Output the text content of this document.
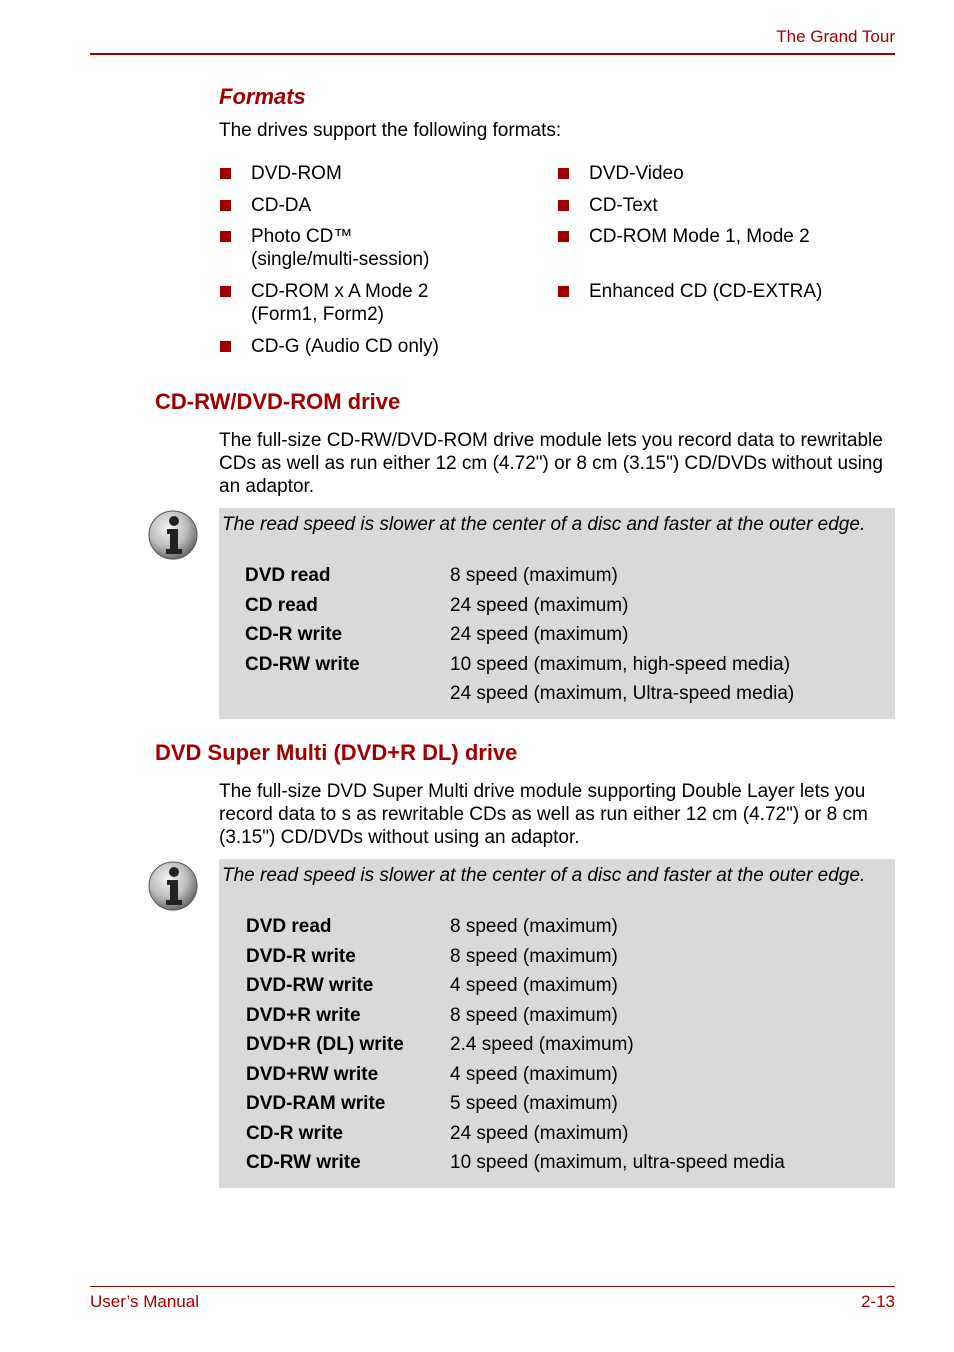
The Grand Tour
Formats
The drives support the following formats:
DVD-ROM
CD-DA
Photo CD™
(single/multi-session)
CD-ROM x A Mode 2
(Form1, Form2)
CD-G (Audio CD only)
DVD-Video
CD-Text
CD-ROM Mode 1, Mode 2
Enhanced CD (CD-EXTRA)
CD-RW/DVD-ROM drive
The full-size CD-RW/DVD-ROM drive module lets you record data to rewritable CDs as well as run either 12 cm (4.72") or 8 cm (3.15") CD/DVDs without using an adaptor.
The read speed is slower at the center of a disc and faster at the outer edge.
DVD read	8 speed (maximum)
CD read	24 speed (maximum)
CD-R write	24 speed (maximum)
CD-RW write	10 speed (maximum, high-speed media)
24 speed (maximum, Ultra-speed media)
DVD Super Multi (DVD+R DL) drive
The full-size DVD Super Multi drive module supporting Double Layer lets you record data to s as rewritable CDs as well as run either 12 cm (4.72") or 8 cm (3.15") CD/DVDs without using an adaptor.
The read speed is slower at the center of a disc and faster at the outer edge.
DVD read	8 speed (maximum)
DVD-R write	8 speed (maximum)
DVD-RW write	4 speed (maximum)
DVD+R write	8 speed (maximum)
DVD+R (DL) write 2.4 speed (maximum)
DVD+RW write	4 speed (maximum)
DVD-RAM write	5 speed (maximum)
CD-R write	24 speed (maximum)
CD-RW write	10 speed (maximum, ultra-speed media
User’s Manual	2-13
